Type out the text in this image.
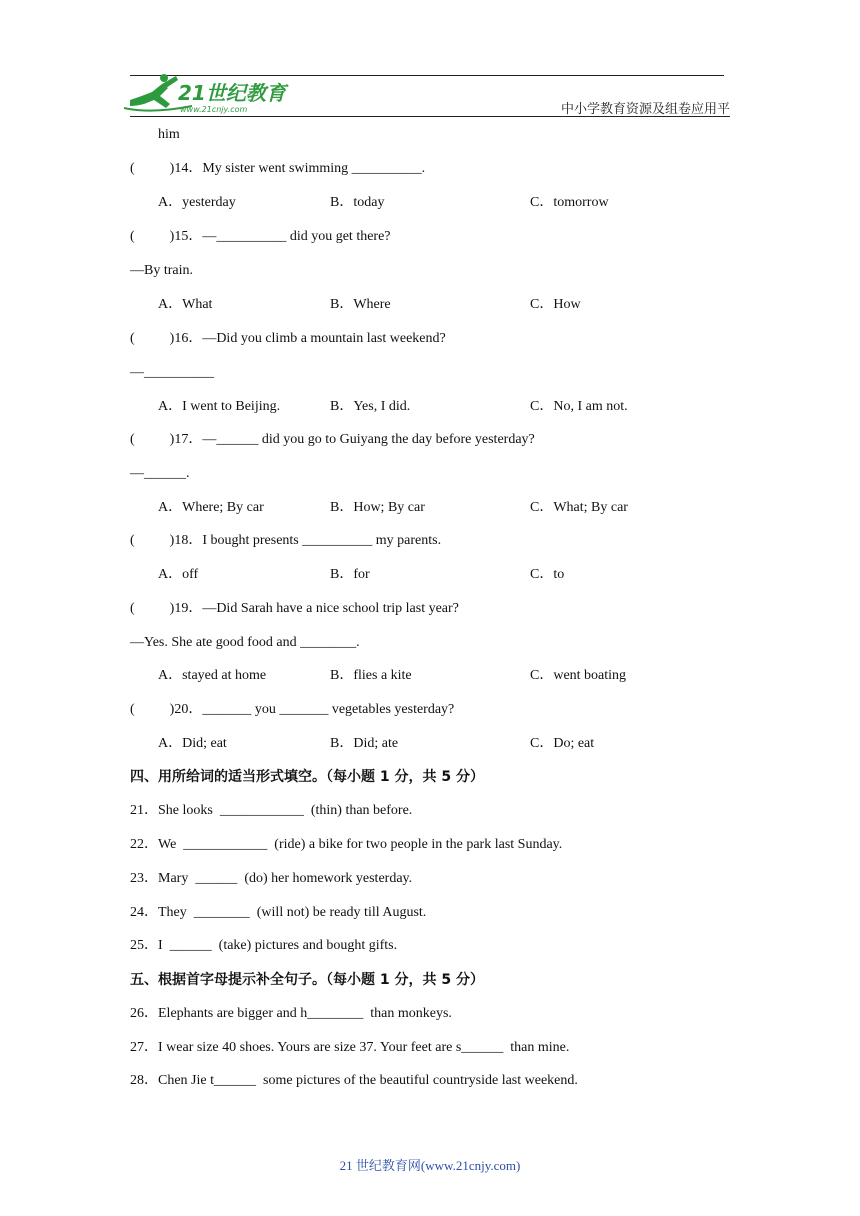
21世纪教育
www.21cnjy.com	中小学教育资源及组卷应用平
him
(          )14．My sister went swimming __________.
A．yesterday	B．today	C．tomorrow
(          )15．—__________ did you get there?
—By train.
A．What	B．Where	C．How
(          )16．—Did you climb a mountain last weekend?
—__________
A．I went to Beijing.	B．Yes, I did.	C．No, I am not.
(          )17．—______ did you go to Guiyang the day before yesterday?
—______.
A．Where; By car	B．How; By car	C．What; By car
(          )18．I bought presents __________ my parents.
A．off	B．for	C．to
(          )19．—Did Sarah have a nice school trip last year?
—Yes. She ate good food and ________.
A．stayed at home	B．flies a kite	C．went boating
(          )20．_______ you _______ vegetables yesterday?
A．Did; eat	B．Did; ate	C．Do; eat
四、用所给词的适当形式填空。（每小题 1 分，共 5 分）
21．She looks  ____________  (thin) than before.
22．We  ____________  (ride) a bike for two people in the park last Sunday.
23．Mary  ______  (do) her homework yesterday.
24．They  ________  (will not) be ready till August.
25．I  ______  (take) pictures and bought gifts.
五、根据首字母提示补全句子。（每小题 1 分，共 5 分）
26．Elephants are bigger and h________  than monkeys.
27．I wear size 40 shoes. Yours are size 37. Your feet are s______  than mine.
28．Chen Jie t______  some pictures of the beautiful countryside last weekend.
21 世纪教育网(www.21cnjy.com)
